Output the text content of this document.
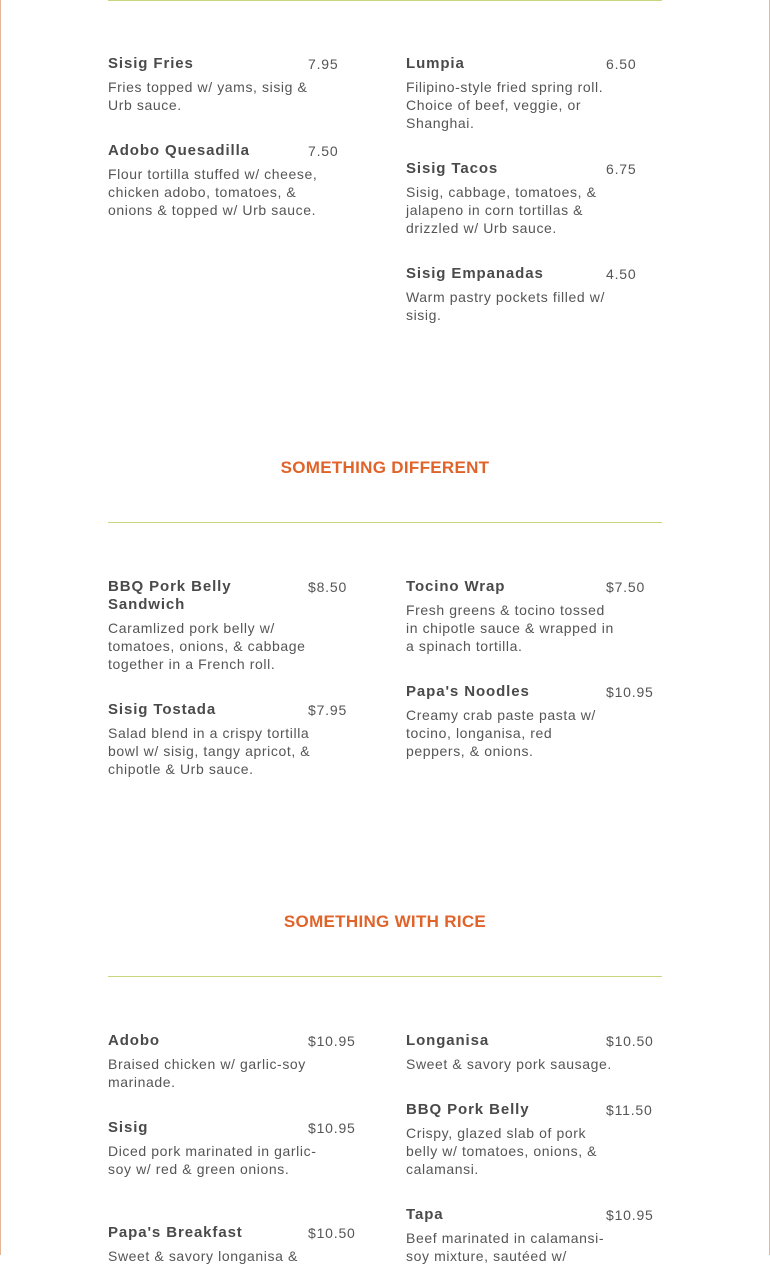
Sisig Fries	7.95
Fries topped w/ yams, sisig & Urb sauce.
Adobo Quesadilla	7.50
Flour tortilla stuffed w/ cheese, chicken adobo, tomatoes, & onions & topped w/ Urb sauce.
Lumpia	6.50
Filipino-style fried spring roll. Choice of beef, veggie, or Shanghai.
Sisig Tacos	6.75
Sisig, cabbage, tomatoes, & jalapeno in corn tortillas & drizzled w/ Urb sauce.
Sisig Empanadas	4.50
Warm pastry pockets filled w/ sisig.
SOMETHING DIFFERENT
BBQ Pork Belly Sandwich
$8.50
Caramlized pork belly w/ tomatoes, onions, & cabbage together in a French roll.
Sisig Tostada	$7.95
Salad blend in a crispy tortilla bowl w/ sisig, tangy apricot, & chipotle & Urb sauce.
Tocino Wrap	$7.50
Fresh greens & tocino tossed in chipotle sauce & wrapped in a spinach tortilla.
Papa's Noodles	$10.95
Creamy crab paste pasta w/ tocino, longanisa, red peppers, & onions.
SOMETHING WITH RICE
Adobo	$10.95
Braised chicken w/ garlic-soy marinade.
Sisig	$10.95
Diced pork marinated in garlic-soy w/ red & green onions.
Papa's Breakfast	$10.50
Sweet & savory longanisa &
Longanisa	$10.50
Sweet & savory pork sausage.
BBQ Pork Belly	$11.50
Crispy, glazed slab of pork belly w/ tomatoes, onions, & calamansi.
Tapa	$10.95
Beef marinated in calamansi-soy mixture, sautéed w/
